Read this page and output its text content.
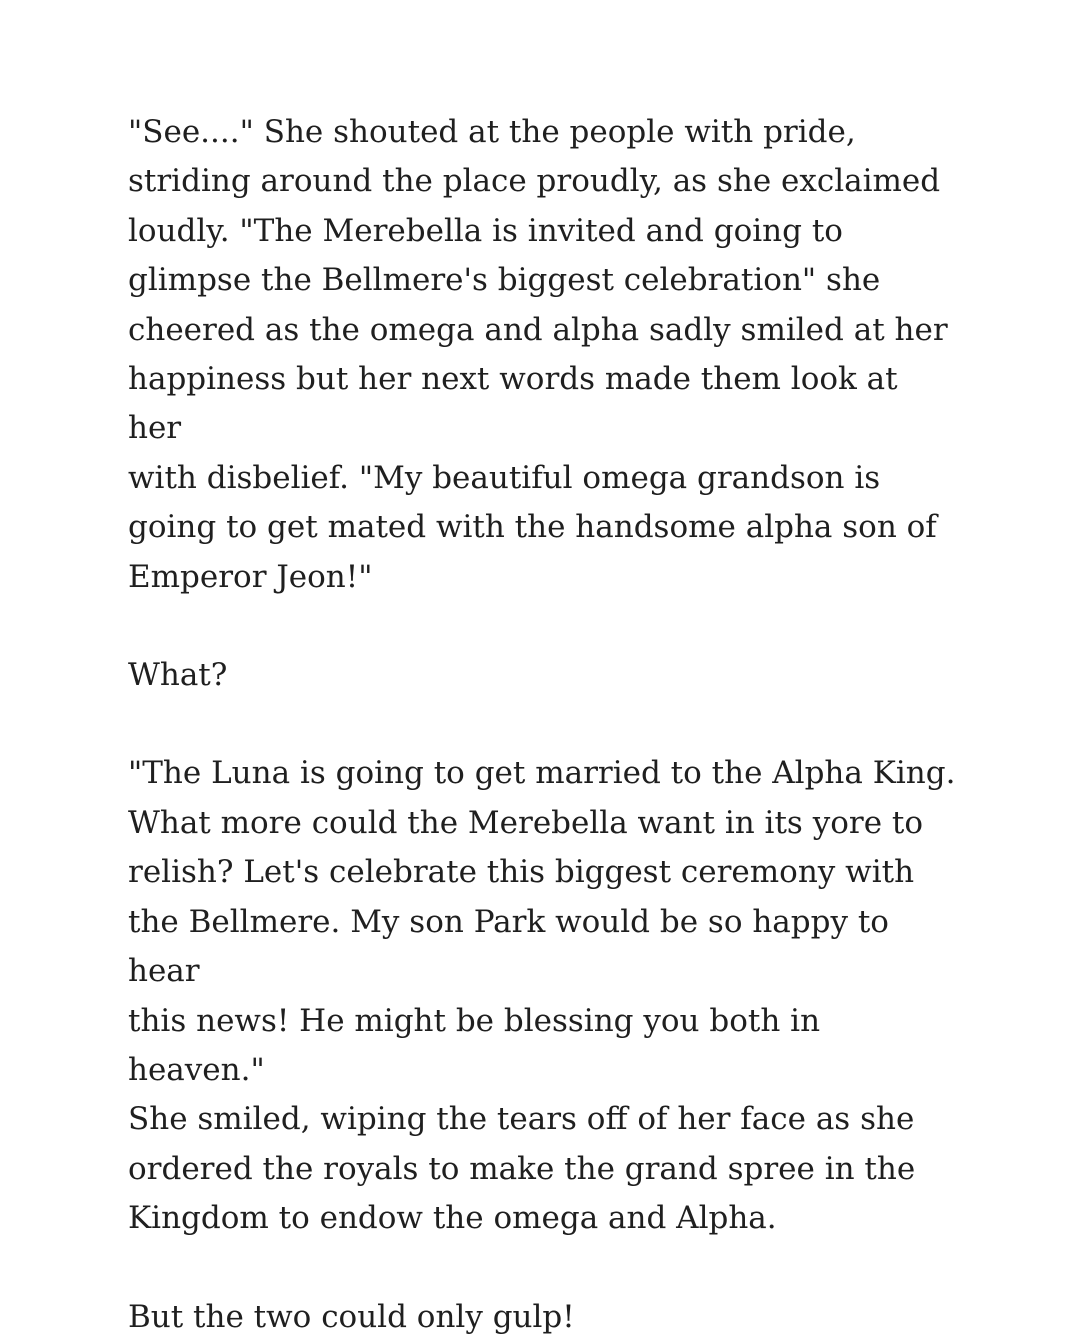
"See...." She shouted at the people with pride,
striding around the place proudly, as she exclaimed
loudly. "The Merebella is invited and going to
glimpse the Bellmere's biggest celebration" she
cheered as the omega and alpha sadly smiled at her
happiness but her next words made them look at her
with disbelief. "My beautiful omega grandson is
going to get mated with the handsome alpha son of
Emperor Jeon!"

What?

"The Luna is going to get married to the Alpha King.
What more could the Merebella want in its yore to
relish? Let's celebrate this biggest ceremony with
the Bellmere. My son Park would be so happy to hear
this news! He might be blessing you both in heaven."
She smiled, wiping the tears off of her face as she
ordered the royals to make the grand spree in the
Kingdom to endow the omega and Alpha.

But the two could only gulp!
